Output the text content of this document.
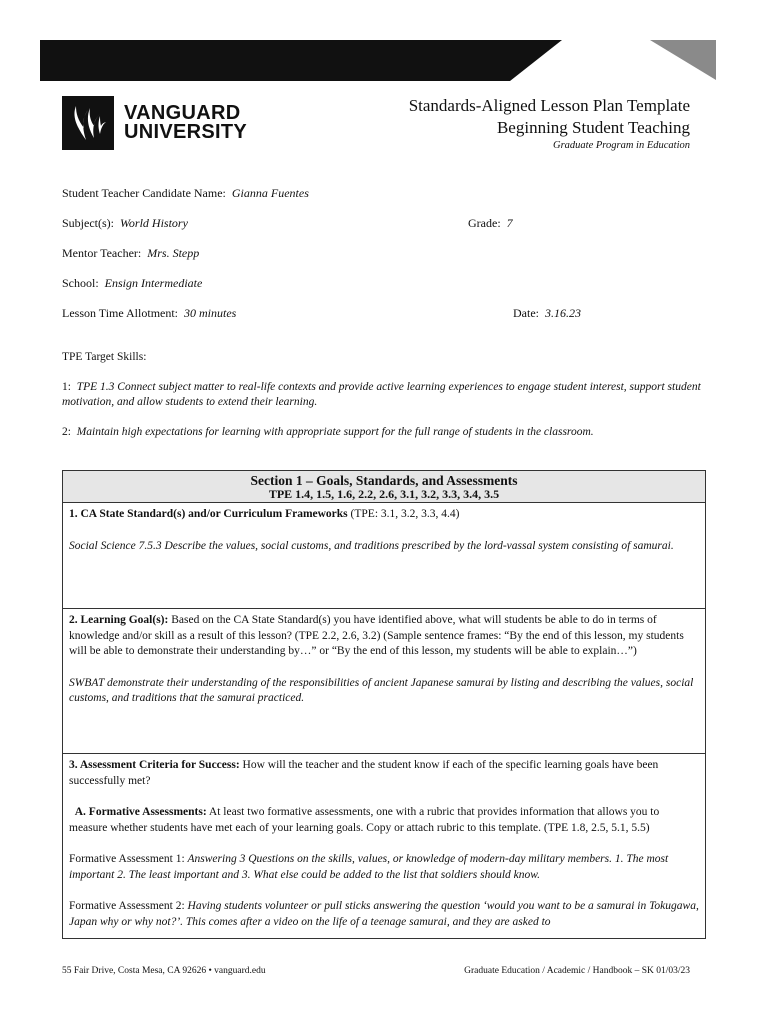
VANGUARD
UNIVERSITY
Standards-Aligned Lesson Plan Template
Beginning Student Teaching
Graduate Program in Education
Student Teacher Candidate Name: Gianna Fuentes
Subject(s): World History	Grade: 7
Mentor Teacher: Mrs. Stepp
School: Ensign Intermediate
Lesson Time Allotment: 30 minutes	Date: 3.16.23
TPE Target Skills:
1: TPE 1.3 Connect subject matter to real-life contexts and provide active learning experiences to engage student interest, support student motivation, and allow students to extend their learning.
2: Maintain high expectations for learning with appropriate support for the full range of students in the classroom.
Section 1 – Goals, Standards, and Assessments
TPE 1.4, 1.5, 1.6, 2.2, 2.6, 3.1, 3.2, 3.3, 3.4, 3.5

1. CA State Standard(s) and/or Curriculum Frameworks (TPE: 3.1, 3.2, 3.3, 4.4)

Social Science 7.5.3 Describe the values, social customs, and traditions prescribed by the lord-vassal system consisting of samurai.

2. Learning Goal(s): Based on the CA State Standard(s) you have identified above, what will students be able to do in terms of knowledge and/or skill as a result of this lesson? (TPE 2.2, 2.6, 3.2) (Sample sentence frames: “By the end of this lesson, my students will be able to demonstrate their understanding by…” or “By the end of this lesson, my students will be able to explain…”)

SWBAT demonstrate their understanding of the responsibilities of ancient Japanese samurai by listing and describing the values, social customs, and traditions that the samurai practiced.

3. Assessment Criteria for Success: How will the teacher and the student know if each of the specific learning goals have been successfully met?

A. Formative Assessments: At least two formative assessments, one with a rubric that provides information that allows you to measure whether students have met each of your learning goals. Copy or attach rubric to this template. (TPE 1.8, 2.5, 5.1, 5.5)

Formative Assessment 1: Answering 3 Questions on the skills, values, or knowledge of modern-day military members. 1. The most important 2. The least important and 3. What else could be added to the list that soldiers should know.

Formative Assessment 2: Having students volunteer or pull sticks answering the question ‘would you want to be a samurai in Tokugawa, Japan why or why not?’. This comes after a video on the life of a teenage samurai, and they are asked to

55 Fair Drive, Costa Mesa, CA 92626 • vanguard.edu	Graduate Education / Academic / Handbook – SK 01/03/23
